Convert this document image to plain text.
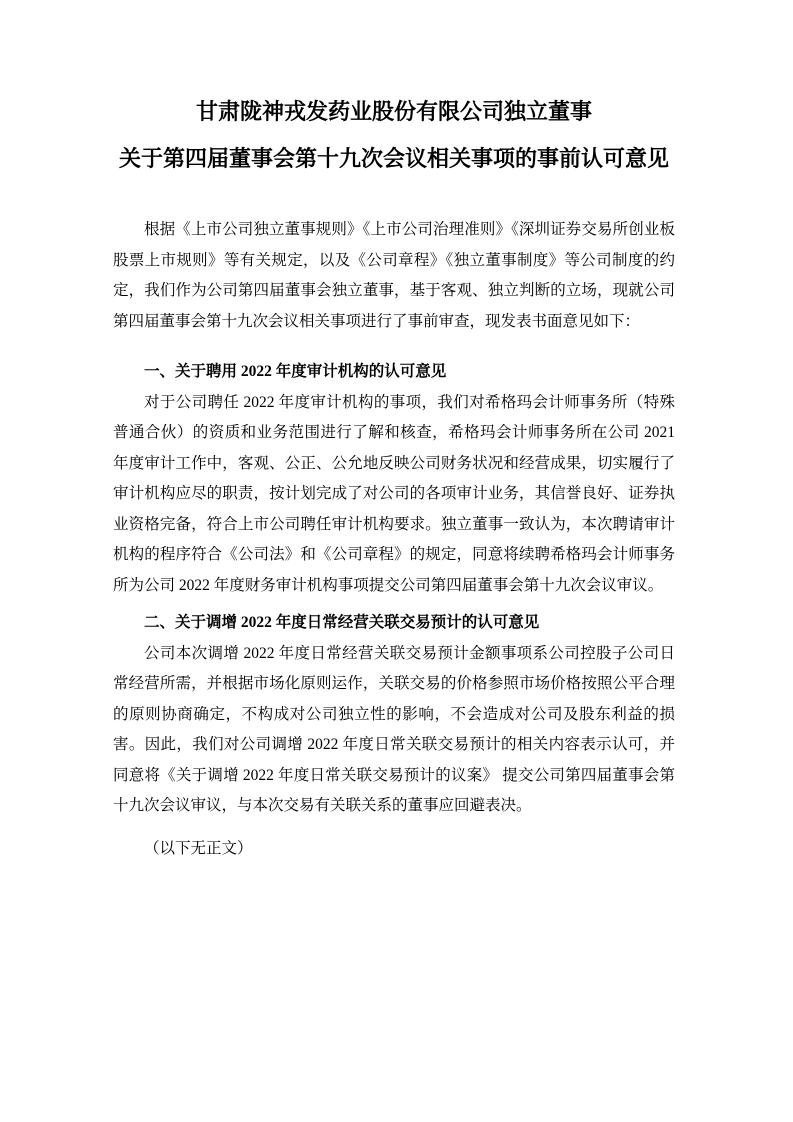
甘肃陇神戎发药业股份有限公司独立董事
关于第四届董事会第十九次会议相关事项的事前认可意见

根据《上市公司独立董事规则》《上市公司治理准则》《深圳证券交易所创业板股票上市规则》等有关规定，以及《公司章程》《独立董事制度》等公司制度的约定，我们作为公司第四届董事会独立董事，基于客观、独立判断的立场，现就公司第四届董事会第十九次会议相关事项进行了事前审查，现发表书面意见如下：

一、关于聘用 2022 年度审计机构的认可意见

对于公司聘任 2022 年度审计机构的事项，我们对希格玛会计师事务所（特殊普通合伙）的资质和业务范围进行了解和核查，希格玛会计师事务所在公司 2021 年度审计工作中，客观、公正、公允地反映公司财务状况和经营成果，切实履行了审计机构应尽的职责，按计划完成了对公司的各项审计业务，其信誉良好、证券执业资格完备，符合上市公司聘任审计机构要求。独立董事一致认为，本次聘请审计机构的程序符合《公司法》和《公司章程》的规定，同意将续聘希格玛会计师事务所为公司 2022 年度财务审计机构事项提交公司第四届董事会第十九次会议审议。

二、关于调增 2022 年度日常经营关联交易预计的认可意见

公司本次调增 2022 年度日常经营关联交易预计金额事项系公司控股子公司日常经营所需，并根据市场化原则运作，关联交易的价格参照市场价格按照公平合理的原则协商确定，不构成对公司独立性的影响，不会造成对公司及股东利益的损害。因此，我们对公司调增 2022 年度日常关联交易预计的相关内容表示认可，并同意将《关于调增 2022 年度日常关联交易预计的议案》 提交公司第四届董事会第十九次会议审议，与本次交易有关联关系的董事应回避表决。

（以下无正文）
